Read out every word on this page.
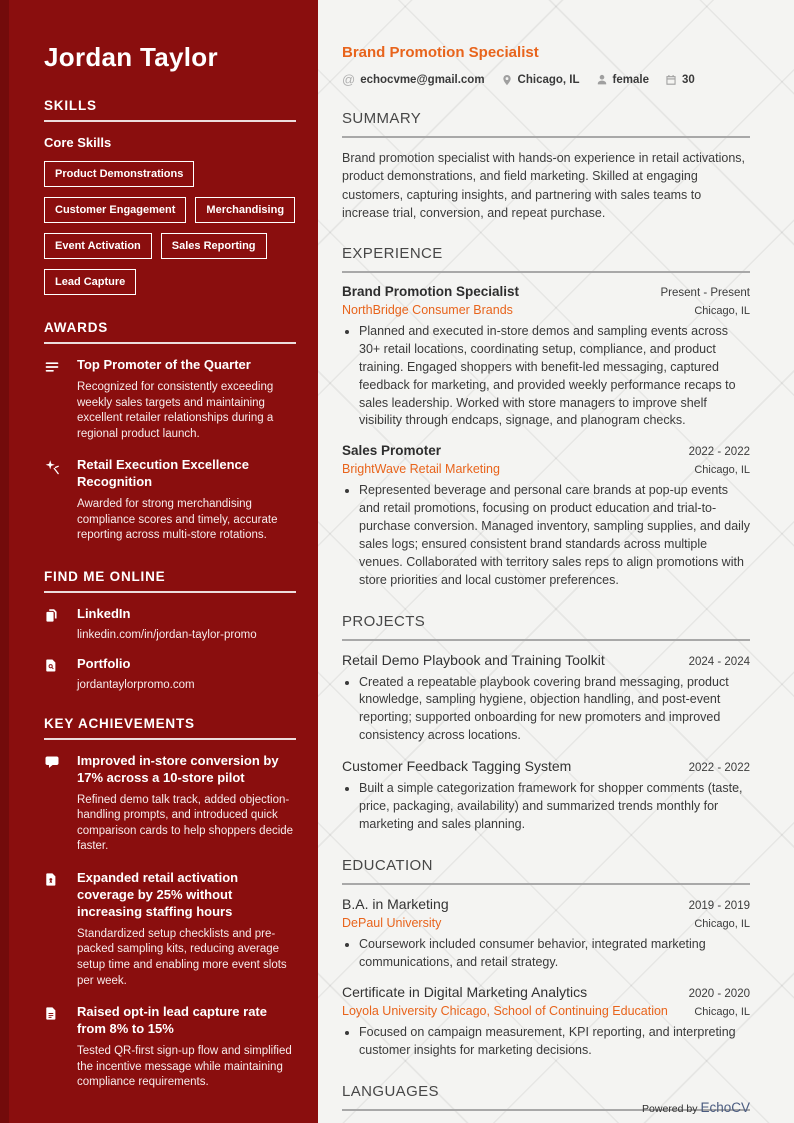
Jordan Taylor
SKILLS
Core Skills
Product Demonstrations
Customer Engagement	Merchandising
Event Activation	Sales Reporting
Lead Capture
AWARDS
Top Promoter of the Quarter
Recognized for consistently exceeding weekly sales targets and maintaining excellent retailer relationships during a regional product launch.
Retail Execution Excellence Recognition
Awarded for strong merchandising compliance scores and timely, accurate reporting across multi-store rotations.
FIND ME ONLINE
LinkedIn
linkedin.com/in/jordan-taylor-promo
Portfolio
jordantaylorpromo.com
KEY ACHIEVEMENTS
Improved in-store conversion by 17% across a 10-store pilot
Refined demo talk track, added objection-handling prompts, and introduced quick comparison cards to help shoppers decide faster.
Expanded retail activation coverage by 25% without increasing staffing hours
Standardized setup checklists and pre-packed sampling kits, reducing average setup time and enabling more event slots per week.
Raised opt-in lead capture rate from 8% to 15%
Tested QR-first sign-up flow and simplified the incentive message while maintaining compliance requirements.
Brand Promotion Specialist
@ echocvme@gmail.com	Chicago, IL	female	30
SUMMARY

Brand promotion specialist with hands-on experience in retail activations, product demonstrations, and field marketing. Skilled at engaging customers, capturing insights, and partnering with sales teams to increase trial, conversion, and repeat purchase.

EXPERIENCE
Brand Promotion Specialist	Present - Present
NorthBridge Consumer Brands	Chicago, IL
• Planned and executed in-store demos and sampling events across 30+ retail locations, coordinating setup, compliance, and product training. Engaged shoppers with benefit-led messaging, captured feedback for marketing, and provided weekly performance recaps to sales leadership. Worked with store managers to improve shelf visibility through endcaps, signage, and planogram checks.
Sales Promoter	2022 - 2022
BrightWave Retail Marketing	Chicago, IL
• Represented beverage and personal care brands at pop-up events and retail promotions, focusing on product education and trial-to-purchase conversion. Managed inventory, sampling supplies, and daily sales logs; ensured consistent brand standards across multiple venues. Collaborated with territory sales reps to align promotions with store priorities and local customer preferences.
PROJECTS
Retail Demo Playbook and Training Toolkit	2024 - 2024
• Created a repeatable playbook covering brand messaging, product knowledge, sampling hygiene, objection handling, and post-event reporting; supported onboarding for new promoters and improved consistency across locations.
Customer Feedback Tagging System	2022 - 2022
• Built a simple categorization framework for shopper comments (taste, price, packaging, availability) and summarized trends monthly for marketing and sales planning.
EDUCATION
B.A. in Marketing	2019 - 2019
DePaul University	Chicago, IL
• Coursework included consumer behavior, integrated marketing communications, and retail strategy.
Certificate in Digital Marketing Analytics	2020 - 2020
Loyola University Chicago, School of Continuing Education Chicago, IL
• Focused on campaign measurement, KPI reporting, and interpreting customer insights for marketing decisions.
LANGUAGES
Powered by EchoCV
